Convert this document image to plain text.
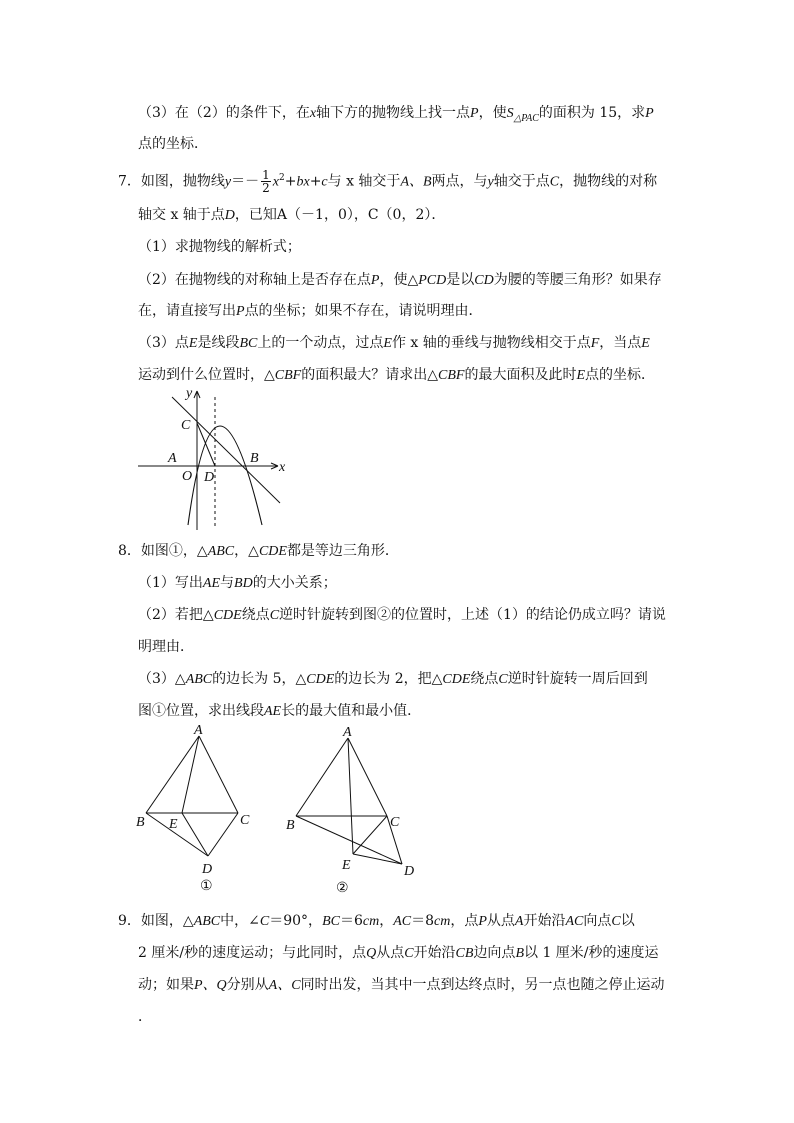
（3）在（2）的条件下，在x轴下方的抛物线上找一点P，使$S_{\triangle PAC}$的面积为 15，求P
点的坐标．
7．如图，抛物线$y=- \frac{1}{2} x^2+bx+c$与 x 轴交于A、B两点，与y轴交于点C，抛物线的对称
轴交 x 轴于点D，已知A（－1，0），C（0，2）．
（1）求抛物线的解析式；
（2）在抛物线的对称轴上是否存在点P，使△PCD是以CD为腰的等腰三角形？如果存
在，请直接写出P点的坐标；如果不存在，请说明理由．
（3）点E是线段BC上的一个动点，过点E作 x 轴的垂线与抛物线相交于点F，当点E
运动到什么位置时，△CBF的面积最大？请求出△CBF的最大面积及此时E点的坐标．
y
x
C
A	B
O D
8．如图①，△ABC，△CDE都是等边三角形．
（1）写出AE与BD的大小关系；
（2）若把△CDE绕点C逆时针旋转到图②的位置时，上述（1）的结论仍成立吗？请说
明理由．
（3）△ABC的边长为 5，△CDE的边长为 2，把△CDE绕点C逆时针旋转一周后回到
图①位置，求出线段AE长的最大值和最小值．
A
B E	C
D
①
A
B	C
E	D
②
9．如图，△ABC中，∠C＝90°，BC＝6cm，AC＝8cm，点P从点A开始沿AC向点C以
2 厘米/秒的速度运动；与此同时，点Q从点C开始沿CB边向点B以 1 厘米/秒的速度运
动；如果P、Q分别从A、C同时出发，当其中一点到达终点时，另一点也随之停止运动
．
